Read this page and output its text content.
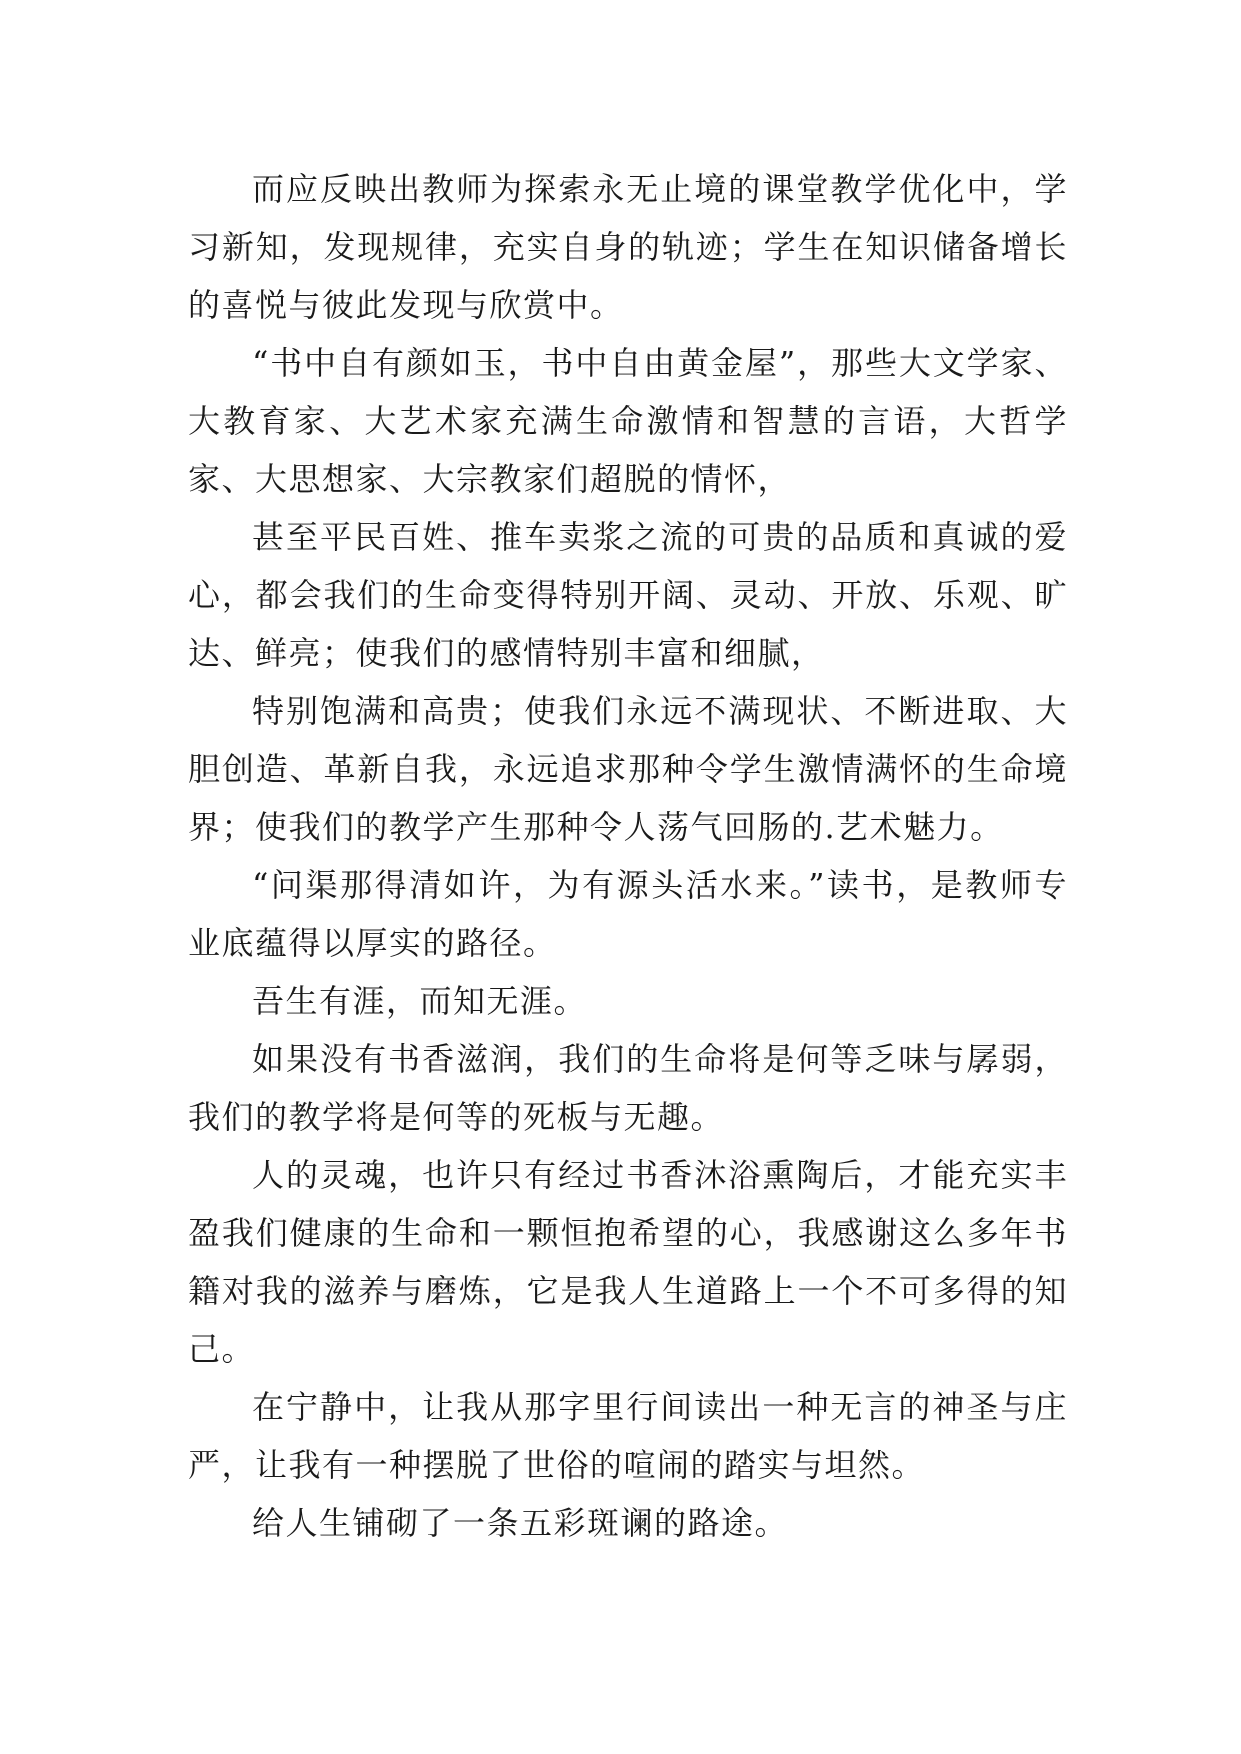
而应反映出教师为探索永无止境的课堂教学优化中，学习新知，发现规律，充实自身的轨迹；学生在知识储备增长的喜悦与彼此发现与欣赏中。

“书中自有颜如玉，书中自由黄金屋”，那些大文学家、大教育家、大艺术家充满生命激情和智慧的言语，大哲学家、大思想家、大宗教家们超脱的情怀，

甚至平民百姓、推车卖浆之流的可贵的品质和真诚的爱心，都会我们的生命变得特别开阔、灵动、开放、乐观、旷达、鲜亮；使我们的感情特别丰富和细腻，

特别饱满和高贵；使我们永远不满现状、不断进取、大胆创造、革新自我，永远追求那种令学生激情满怀的生命境界；使我们的教学产生那种令人荡气回肠的.艺术魅力。

“问渠那得清如许，为有源头活水来。”读书，是教师专业底蕴得以厚实的路径。

吾生有涯，而知无涯。

如果没有书香滋润，我们的生命将是何等乏味与孱弱，我们的教学将是何等的死板与无趣。

人的灵魂，也许只有经过书香沐浴熏陶后，才能充实丰盈我们健康的生命和一颗恒抱希望的心，我感谢这么多年书籍对我的滋养与磨炼，它是我人生道路上一个不可多得的知己。

在宁静中，让我从那字里行间读出一种无言的神圣与庄严，让我有一种摆脱了世俗的喧闹的踏实与坦然。

给人生铺砌了一条五彩斑谰的路途。
